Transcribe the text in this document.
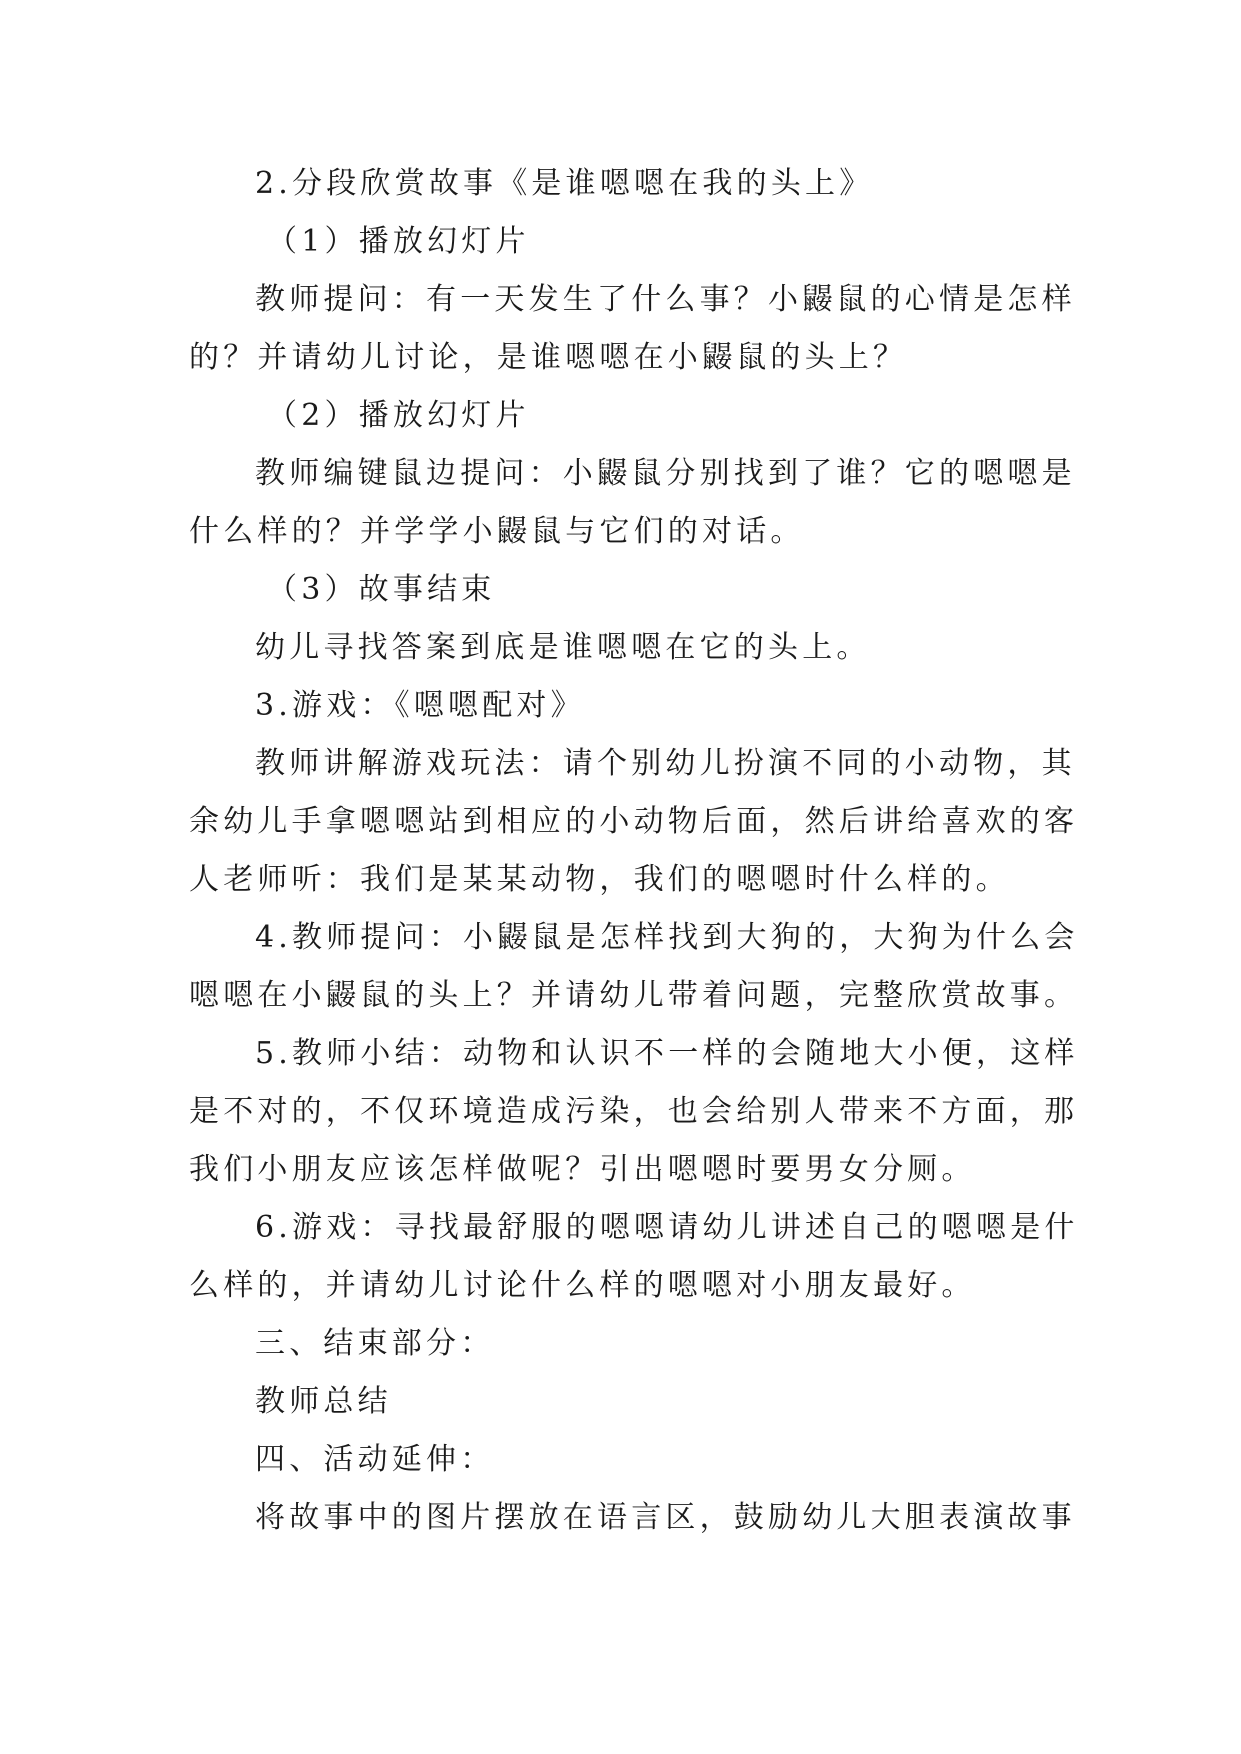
2.分段欣赏故事《是谁嗯嗯在我的头上》
（1）播放幻灯片
教师提问：有一天发生了什么事？小鼹鼠的心情是怎样
的？并请幼儿讨论，是谁嗯嗯在小鼹鼠的头上？
（2）播放幻灯片
教师编键鼠边提问：小鼹鼠分别找到了谁？它的嗯嗯是
什么样的？并学学小鼹鼠与它们的对话。
（3）故事结束
幼儿寻找答案到底是谁嗯嗯在它的头上。
3.游戏：《嗯嗯配对》
教师讲解游戏玩法：请个别幼儿扮演不同的小动物，其
余幼儿手拿嗯嗯站到相应的小动物后面，然后讲给喜欢的客
人老师听：我们是某某动物，我们的嗯嗯时什么样的。
4.教师提问：小鼹鼠是怎样找到大狗的，大狗为什么会
嗯嗯在小鼹鼠的头上？并请幼儿带着问题，完整欣赏故事。
5.教师小结：动物和认识不一样的会随地大小便，这样
是不对的，不仅环境造成污染，也会给别人带来不方面，那
我们小朋友应该怎样做呢？引出嗯嗯时要男女分厕。
6.游戏：寻找最舒服的嗯嗯请幼儿讲述自己的嗯嗯是什
么样的，并请幼儿讨论什么样的嗯嗯对小朋友最好。
三、结束部分：
教师总结
四、活动延伸：
将故事中的图片摆放在语言区，鼓励幼儿大胆表演故事
